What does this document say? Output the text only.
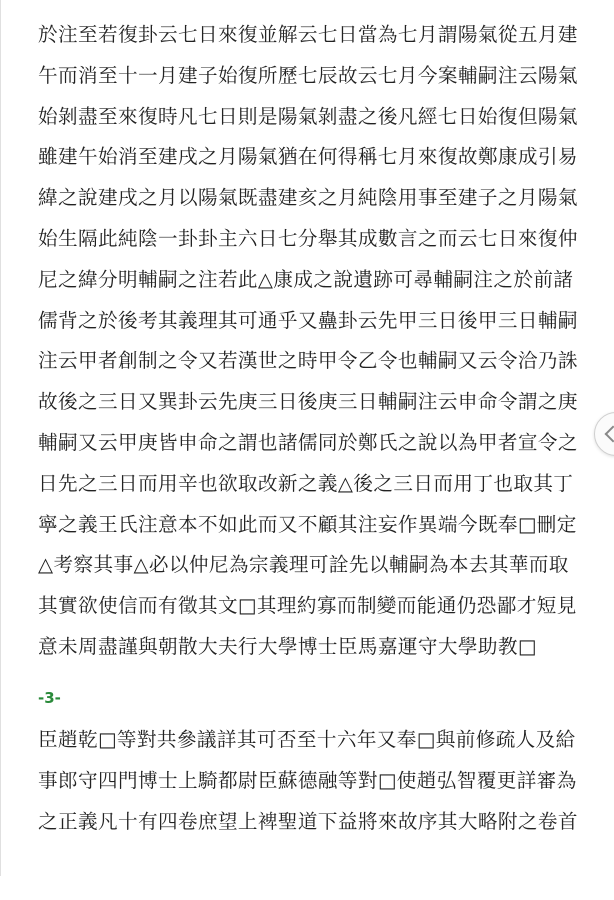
於注至若復卦云七日來復並解云七日當為七月謂陽氣從五月建
午而消至十一月建子始復所歷七辰故云七月今案輔嗣注云陽氣
始剝盡至來復時凡七日則是陽氣剝盡之後凡經七日始復但陽氣
雖建午始消至建戌之月陽氣猶在何得稱七月來復故鄭康成引易
緯之說建戌之月以陽氣既盡建亥之月純陰用事至建子之月陽氣
始生隔此純陰一卦卦主六日七分舉其成數言之而云七日來復仲
尼之緯分明輔嗣之注若此△康成之說遺跡可尋輔嗣注之於前諸
儒背之於後考其義理其可通乎又蠱卦云先甲三日後甲三日輔嗣
注云甲者創制之令又若漢世之時甲令乙令也輔嗣又云令洽乃誅
故後之三日又巽卦云先庚三日後庚三日輔嗣注云申命令謂之庚
輔嗣又云甲庚皆申命之謂也諸儒同於鄭氏之說以為甲者宣令之
日先之三日而用辛也欲取改新之義△後之三日而用丁也取其丁
寧之義王氏注意本不如此而又不顧其注妄作異端今既奉□刪定
△考察其事△必以仲尼為宗義理可詮先以輔嗣為本去其華而取
其實欲使信而有徵其文□其理約寡而制變而能通仍恐鄙才短見
意未周盡謹與朝散大夫行大學博士臣馬嘉運守大學助教□
-3-
臣趙乾□等對共參議詳其可否至十六年又奉□與前修疏人及給
事郎守四門博士上騎都尉臣蘇德融等對□使趙弘智覆更詳審為
之正義凡十有四卷庶望上裨聖道下益將來故序其大略附之卷首
